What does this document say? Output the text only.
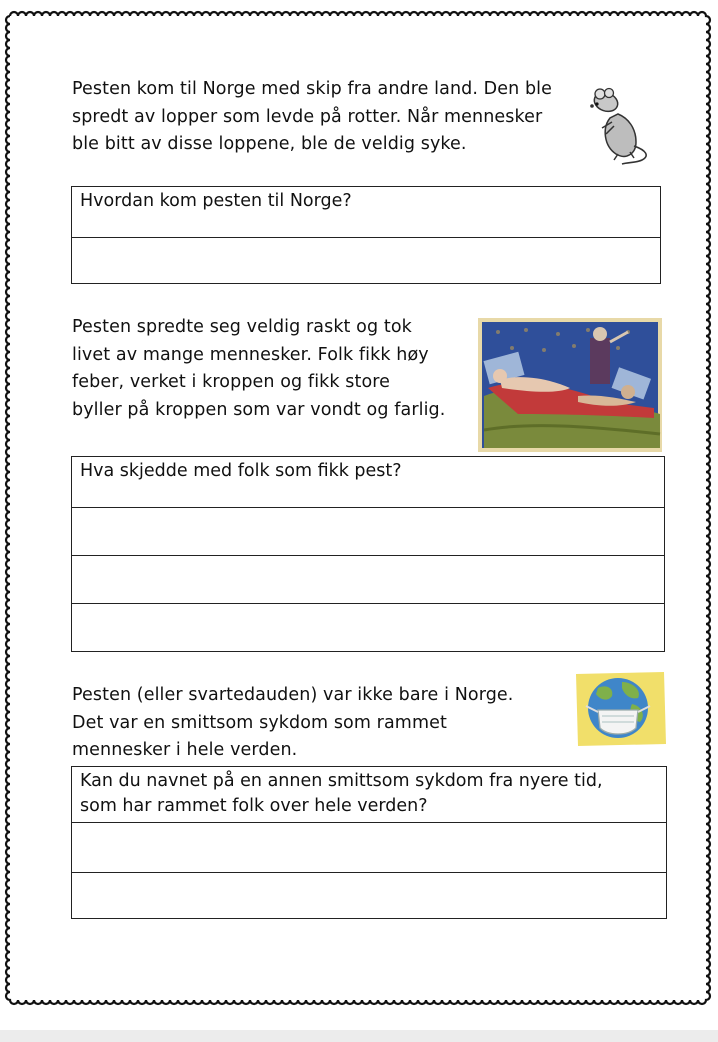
Pesten kom til Norge med skip fra andre land. Den ble
spredt av lopper som levde på rotter. Når mennesker
ble bitt av disse loppene, ble de veldig syke.

Hvordan kom pesten til Norge?

Pesten spredte seg veldig raskt og tok
livet av mange mennesker. Folk fikk høy
feber, verket i kroppen og fikk store
byller på kroppen som var vondt og farlig.

Hva skjedde med folk som fikk pest?

Pesten (eller svartedauden) var ikke bare i Norge.
Det var en smittsom sykdom som rammet
mennesker i hele verden.

Kan du navnet på en annen smittsom sykdom fra nyere tid,
som har rammet folk over hele verden?
